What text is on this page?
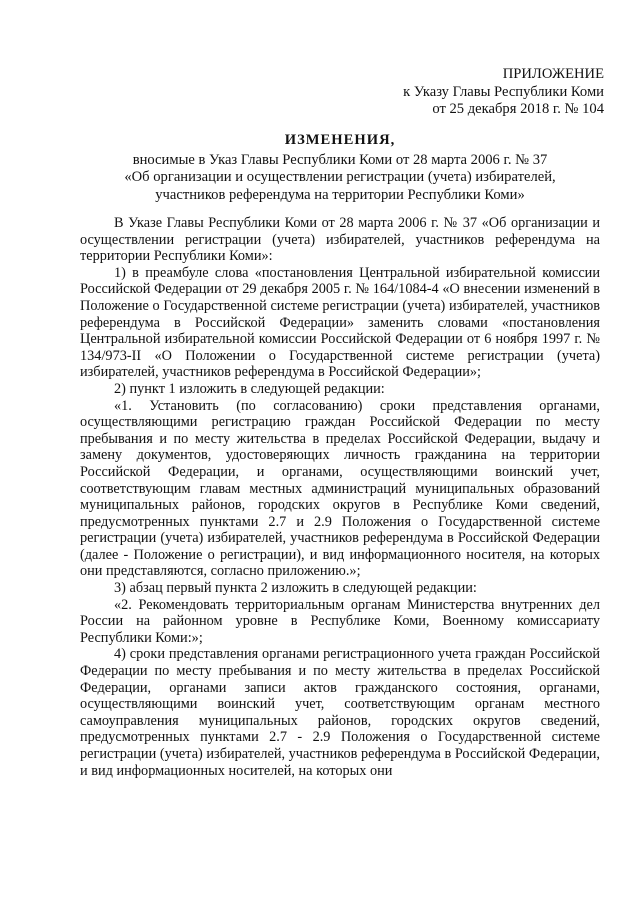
ПРИЛОЖЕНИЕ
к Указу Главы Республики Коми
от 25 декабря 2018 г. № 104
ИЗМЕНЕНИЯ,
вносимые в Указ Главы Республики Коми от 28 марта 2006 г. № 37
«Об организации и осуществлении регистрации (учета) избирателей,
участников референдума на территории Республики Коми»

В Указе Главы Республики Коми от 28 марта 2006 г. № 37 «Об организации и осуществлении регистрации (учета) избирателей, участников референдума на территории Республики Коми»:

1) в преамбуле слова «постановления Центральной избирательной комиссии Российской Федерации от 29 декабря 2005 г. № 164/1084-4 «О внесении изменений в Положение о Государственной системе регистрации (учета) избирателей, участников референдума в Российской Федерации» заменить словами «постановления Центральной избирательной комиссии Российской Федерации от 6 ноября 1997 г. № 134/973-II «О Положении о Государственной системе регистрации (учета) избирателей, участников референдума в Российской Федерации»;

2) пункт 1 изложить в следующей редакции:

«1. Установить (по согласованию) сроки представления органами, осуществляющими регистрацию граждан Российской Федерации по месту пребывания и по месту жительства в пределах Российской Федерации, выдачу и замену документов, удостоверяющих личность гражданина на территории Российской Федерации, и органами, осуществляющими воинский учет, соответствующим главам местных администраций муниципальных образований муниципальных районов, городских округов в Республике Коми сведений, предусмотренных пунктами 2.7 и 2.9 Положения о Государственной системе регистрации (учета) избирателей, участников референдума в Российской Федерации (далее - Положение о регистрации), и вид информационного носителя, на которых они представляются, согласно приложению.»;

3) абзац первый пункта 2 изложить в следующей редакции:

«2. Рекомендовать территориальным органам Министерства внутренних дел России на районном уровне в Республике Коми, Военному комиссариату Республики Коми:»;

4) сроки представления органами регистрационного учета граждан Российской Федерации по месту пребывания и по месту жительства в пределах Российской Федерации, органами записи актов гражданского состояния, органами, осуществляющими воинский учет, соответствующим органам местного самоуправления муниципальных районов, городских округов сведений, предусмотренных пунктами 2.7 - 2.9 Положения о Государственной системе регистрации (учета) избирателей, участников референдума в Российской Федерации, и вид информационных носителей, на которых они
